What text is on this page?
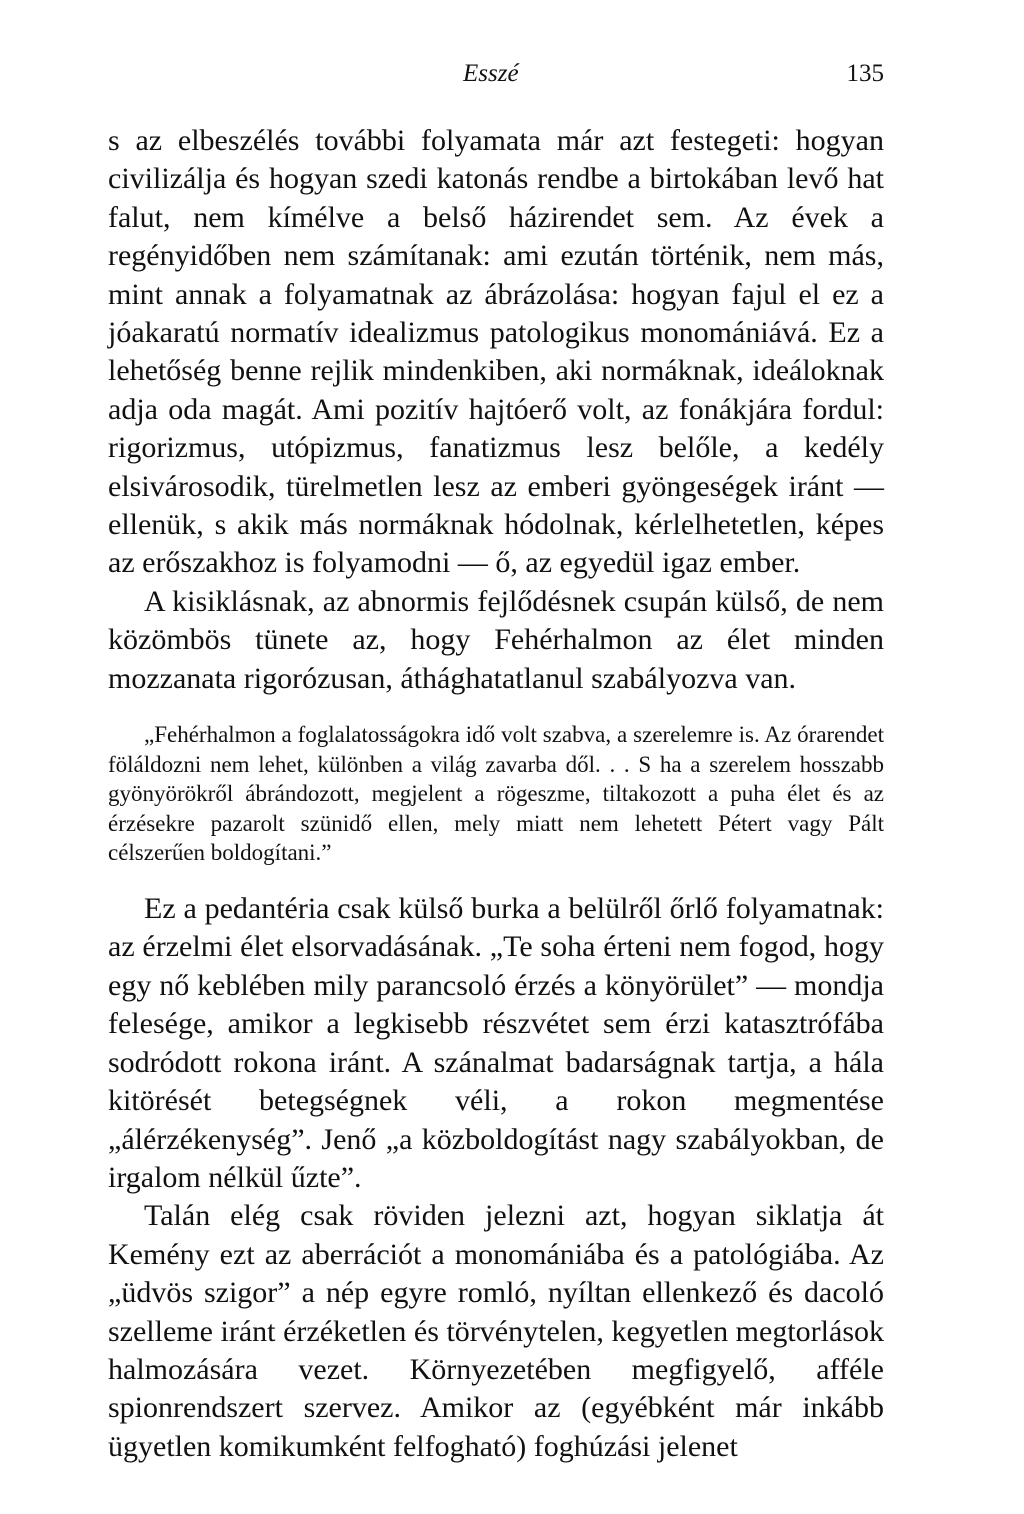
Esszé	135

s az elbeszélés további folyamata már azt festegeti: hogyan civilizálja és hogyan szedi katonás rendbe a birtokában levő hat falut, nem kímélve a belső házirendet sem. Az évek a regényidőben nem számítanak: ami ezután történik, nem más, mint annak a folyamatnak az ábrázolása: hogyan fajul el ez a jóakaratú normatív idealizmus patologikus monomániává. Ez a lehetőség benne rejlik mindenkiben, aki normáknak, ideáloknak adja oda magát. Ami pozitív hajtóerő volt, az fonákjára fordul: rigorizmus, utópizmus, fanatizmus lesz belőle, a kedély elsivárosodik, türelmetlen lesz az emberi gyöngeségek iránt — ellenük, s akik más normáknak hódolnak, kérlelhetetlen, képes az erőszakhoz is folyamodni — ő, az egyedül igaz ember.

A kisiklásnak, az abnormis fejlődésnek csupán külső, de nem közömbös tünete az, hogy Fehérhalmon az élet minden mozzanata rigorózusan, áthághatatlanul szabályozva van.

„Fehérhalmon a foglalatosságokra idő volt szabva, a szerelemre is. Az órarendet föláldozni nem lehet, különben a világ zavarba dől. . . S ha a szerelem hosszabb gyönyörökről ábrándozott, megjelent a rögeszme, tiltakozott a puha élet és az érzésekre pazarolt szünidő ellen, mely miatt nem lehetett Pétert vagy Pált célszerűen boldogítani.”

Ez a pedantéria csak külső burka a belülről őrlő folyamatnak: az érzelmi élet elsorvadásának. „Te soha érteni nem fogod, hogy egy nő keblében mily parancsoló érzés a könyörület” — mondja felesége, amikor a legkisebb részvétet sem érzi katasztrófába sodródott rokona iránt. A szánalmat badarságnak tartja, a hála kitörését betegségnek véli, a rokon megmentése „álérzékenység”. Jenő „a közboldogítást nagy szabályokban, de irgalom nélkül űzte”.

Talán elég csak röviden jelezni azt, hogyan siklatja át Kemény ezt az aberrációt a monomániába és a patológiába. Az „üdvös szigor” a nép egyre romló, nyíltan ellenkező és dacoló szelleme iránt érzéketlen és törvénytelen, kegyetlen megtorlások halmozására vezet. Környezetében megfigyelő, afféle spionrendszert szervez. Amikor az (egyébként már inkább ügyetlen komikumként felfogható) foghúzási jelenet
